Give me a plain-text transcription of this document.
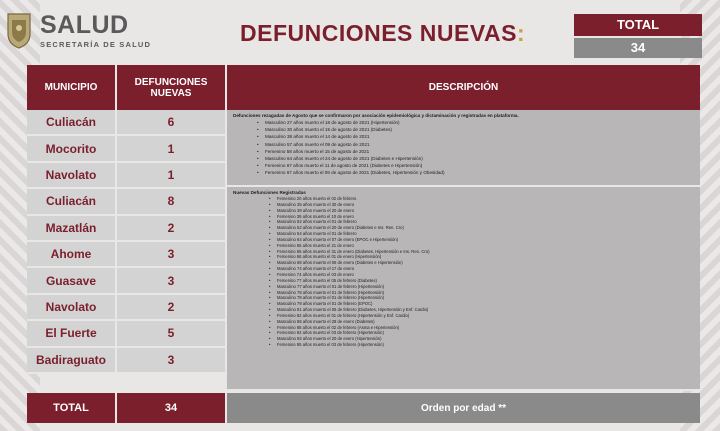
SALUD
SECRETARÍA DE SALUD	DEFUNCIONES NUEVAS:	TOTAL
34
MUNICIPIO	DEFUNCIONES NUEVAS	DESCRIPCIÓN
Culiacán	6
Mocorito	1
Navolato	1
Culiacán	8
Mazatlán	2
Ahome	3
Guasave	3
Navolato	2
El Fuerte	5
Badiraguato	3
Defunciones rezagadas de Agosto que se confirmaron por asociación epidemiológica y dictaminación y registradas en plataforma.
• Masculino 27 años muerto el 18 de agosto de 2021 (Hipertensión)
• Masculino 30 años muerto el 15 de agosto de 2021 (Diabetes)
• Masculino 38 años muerto el 14 de agosto de 2021
• Masculino 57 años muerto el 09 de agosto de 2021
• Femenino 58 años muerto el 15 de agosto de 2021
• Masculino 64 años muerto el 24 de agosto de 2021 (Diabetes e Hipertensión)
• Femenino 67 años muerto el 11 de agosto de 2021 (Diabetes e Hipertensión)
• Femenino 67 años muerto el 09 de agosto de 2021 (Diabetes, Hipertensión y Obesidad)
Nuevas Defunciones Registradas
• Femenino 20 años muerto el 02 de febrero
• Masculino 35 años muerto el 30 de enero
• Masculino 39 años muerto el 20 de enero
• Femenino 39 años muerto el 10 de enero
• Masculino 52 años muerto el 01 de febrero
• Masculino 52 años muerto el 20 de enero (Diabetes e Ins. Ren. Cro)
• Masculino 54 años muerto el 01 de febrero
• Masculino 64 años muerto el 07 de enero (EPOC e Hipertensión)
• Femenino 65 años muerto el 21 de enero
• Femenino 65 años muerto el 31 de enero (Diabetes, Hipertensión e Ins. Ren. Cro)
• Femenino 66 años muerto el 01 de enero (Hipertensión)
• Masculino 68 años muerto el 06 de enero (Diabetes e Hipertensión)
• Masculino 74 años muerto el 17 de enero
• Femenino 74 años muerto el 03 de enero
• Femenino 77 años muerto el 05 de febrero (Diabetes)
• Masculino 77 años muerto el 01 de febrero (Hipertensión)
• Masculino 78 años muerto el 01 de febrero (Hipertensión)
• Masculino 78 años muerto el 01 de febrero (Hipertensión)
• Masculino 79 años muerto el 01 de febrero (EPOC)
• Masculino 81 años muerto el 05 de febrero (Diabetes, Hipertensión y Enf. Cardio)
• Femenino 82 años muerto el 01 de febrero (Hipertensión y Enf. Cardio)
• Masculino 86 años muerto el 28 de enero (Diabetes)
• Femenino 88 años muerto el 02 de febrero (Asma e Hipertensión)
• Femenino 92 años muerto el 03 de febrero (Hipertensión)
• Masculino 92 años muerto el 20 de enero (Hipertensión)
• Femenino 95 años muerto el 03 de febrero (Hipertensión)
TOTAL	34	Orden por edad **
